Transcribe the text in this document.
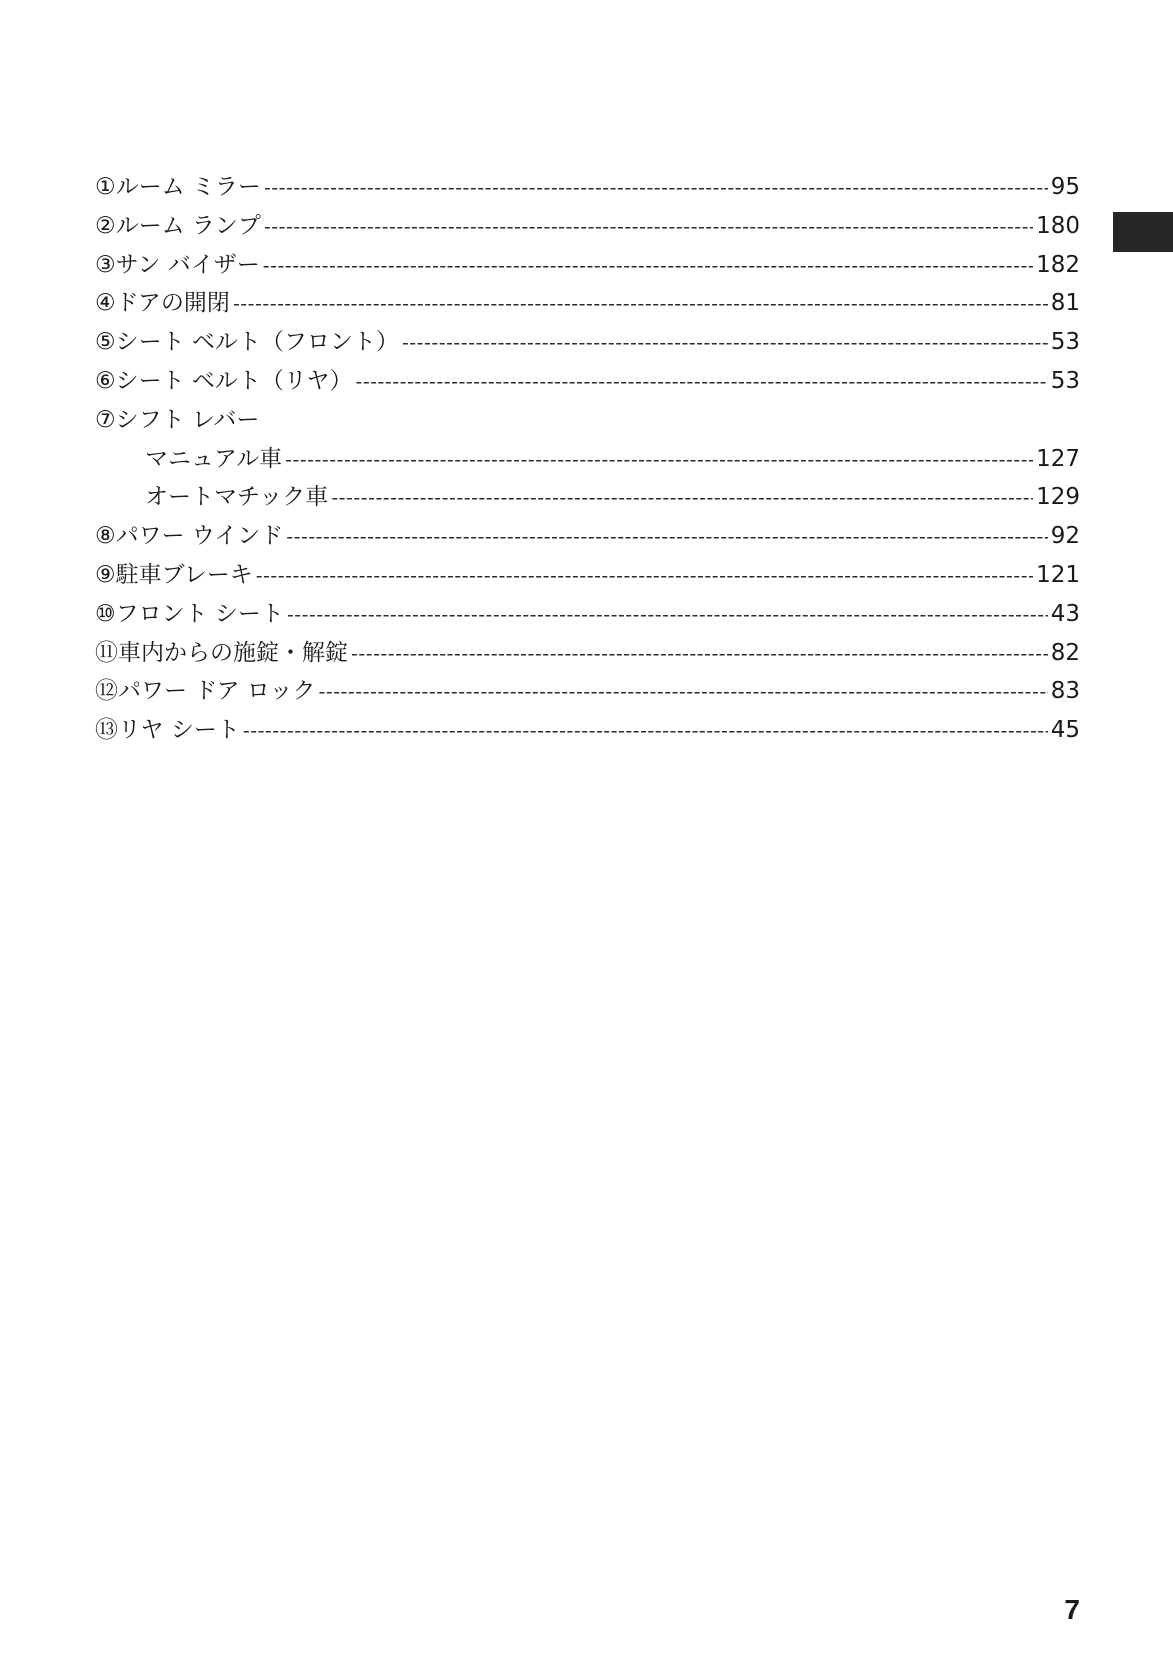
①ルーム ミラー -----	95
②ルーム ランプ -----	180
③サン バイザー -----	182
④ドアの開閉 -----	81
⑤シート ベルト（フロント） -----	53
⑥シート ベルト（リヤ） -----	53
⑦シフト レバー
マニュアル車 -----	127
オートマチック車 -----	129
⑧パワー ウインド -----	92
⑨駐車ブレーキ -----	121
⑩フロント シート -----	43
⑪車内からの施錠・解錠 -----	82
⑫パワー ドア ロック -----	83
⑬リヤ シート -----	45
7
